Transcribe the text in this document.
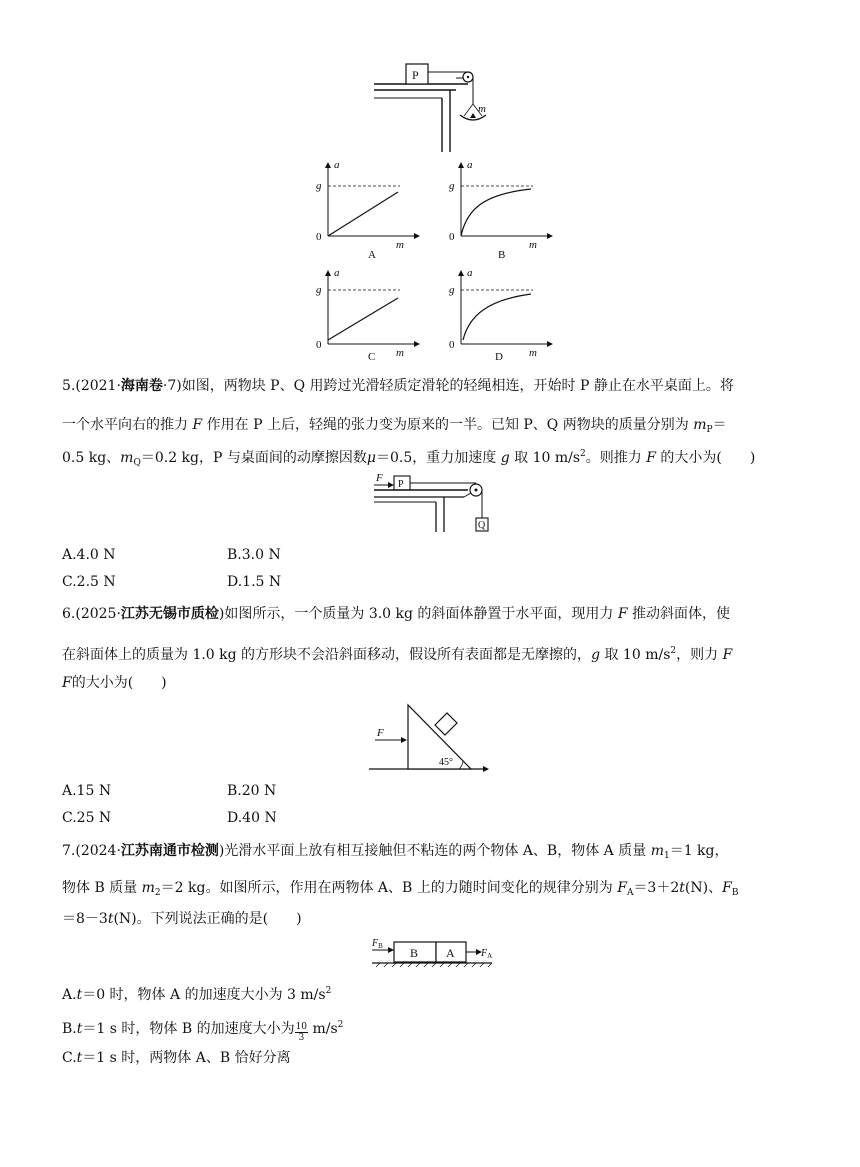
P
m
g
0
a
m
A
g
0
a
m
B
g
0
a
m
C
g
0
a
m
D
5.(2021·海南卷·7)如图，两物块 P、Q 用跨过光滑轻质定滑轮的轻绳相连，开始时 P 静止在水平桌面上。将
一个水平向右的推力 F 作用在 P 上后，轻绳的张力变为原来的一半。已知 P、Q 两物块的质量分别为 $m_P=$
0.5 kg、$m_Q=0.2$ kg，P 与桌面间的动摩擦因数μ＝0.5，重力加速度 g 取 10 $m/s^2$。则推力 F 的大小为(　　)
F
P
Q
A.4.0 N	B.3.0 N
C.2.5 N	D.1.5 N
6.(2025·江苏无锡市质检)如图所示，一个质量为 3.0 kg 的斜面体静置于水平面，现用力 F 推动斜面体，使
在斜面体上的质量为 1.0 kg 的方形块不会沿斜面移动，假设所有表面都是无摩擦的，g 取 10 $m/s^2$，则力 F
F的大小为(　　)
F
45°
A.15 N	B.20 N
C.25 N	D.40 N
7.(2024·江苏南通市检测)光滑水平面上放有相互接触但不粘连的两个物体 A、B，物体 A 质量 $m_1=1$ kg，
物体 B 质量 $m_2=2$ kg。如图所示，作用在两物体 A、B 上的力随时间变化的规律分别为 $F_A=3+2t(N)$、$F_B$
＝8－3t(N)。下列说法正确的是(　　)
$F_B$ B A	$F_A$
A.t＝0 时，物体 A 的加速度大小为 3 $m/s^2$
B.t＝1 s 时，物体 B 的加速度大小为 $\frac{10}{3} m/s^2$
C.t＝1 s 时，两物体 A、B 恰好分离
